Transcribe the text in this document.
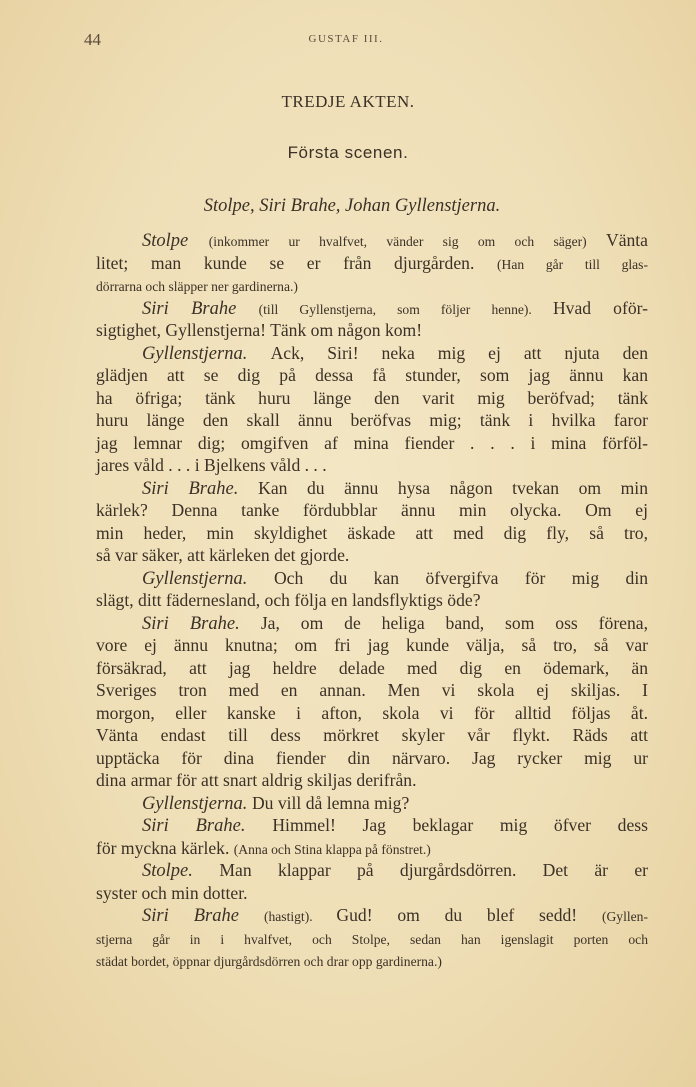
44	GUSTAF III.
TREDJE AKTEN.
Första scenen.
Stolpe, Siri Brahe, Johan Gyllenstjerna.
Stolpe (inkommer ur hvalfvet, vänder sig om och säger) Vänta
litet; man kunde se er från djurgården. (Han går till glas-
dörrarna och släpper ner gardinerna.)
Siri Brahe (till Gyllenstjerna, som följer henne). Hvad oför-
sigtighet, Gyllenstjerna! Tänk om någon kom!
Gyllenstjerna. Ack, Siri! neka mig ej att njuta den
glädjen att se dig på dessa få stunder, som jag ännu kan
ha öfriga; tänk huru länge den varit mig beröfvad; tänk
huru länge den skall ännu beröfvas mig; tänk i hvilka faror
jag lemnar dig; omgifven af mina fiender . . . i mina förföl-
jares våld . . . i Bjelkens våld . . .
Siri Brahe. Kan du ännu hysa någon tvekan om min
kärlek? Denna tanke fördubblar ännu min olycka. Om ej
min heder, min skyldighet äskade att med dig fly, så tro,
så var säker, att kärleken det gjorde.
Gyllenstjerna. Och du kan öfvergifva för mig din
slägt, ditt fädernesland, och följa en landsflyktigs öde?
Siri Brahe. Ja, om de heliga band, som oss förena,
vore ej ännu knutna; om fri jag kunde välja, så tro, så var
försäkrad, att jag heldre delade med dig en ödemark, än
Sveriges tron med en annan. Men vi skola ej skiljas. I
morgon, eller kanske i afton, skola vi för alltid följas åt.
Vänta endast till dess mörkret skyler vår flykt. Räds att
upptäcka för dina fiender din närvaro. Jag rycker mig ur
dina armar för att snart aldrig skiljas derifrån.
Gyllenstjerna. Du vill då lemna mig?
Siri Brahe. Himmel! Jag beklagar mig öfver dess
för myckna kärlek. (Anna och Stina klappa på fönstret.)
Stolpe. Man klappar på djurgårdsdörren. Det är er
syster och min dotter.
Siri Brahe (hastigt). Gud! om du blef sedd! (Gyllen-
stjerna går in i hvalfvet, och Stolpe, sedan han igenslagit porten och
städat bordet, öppnar djurgårdsdörren och drar opp gardinerna.)
